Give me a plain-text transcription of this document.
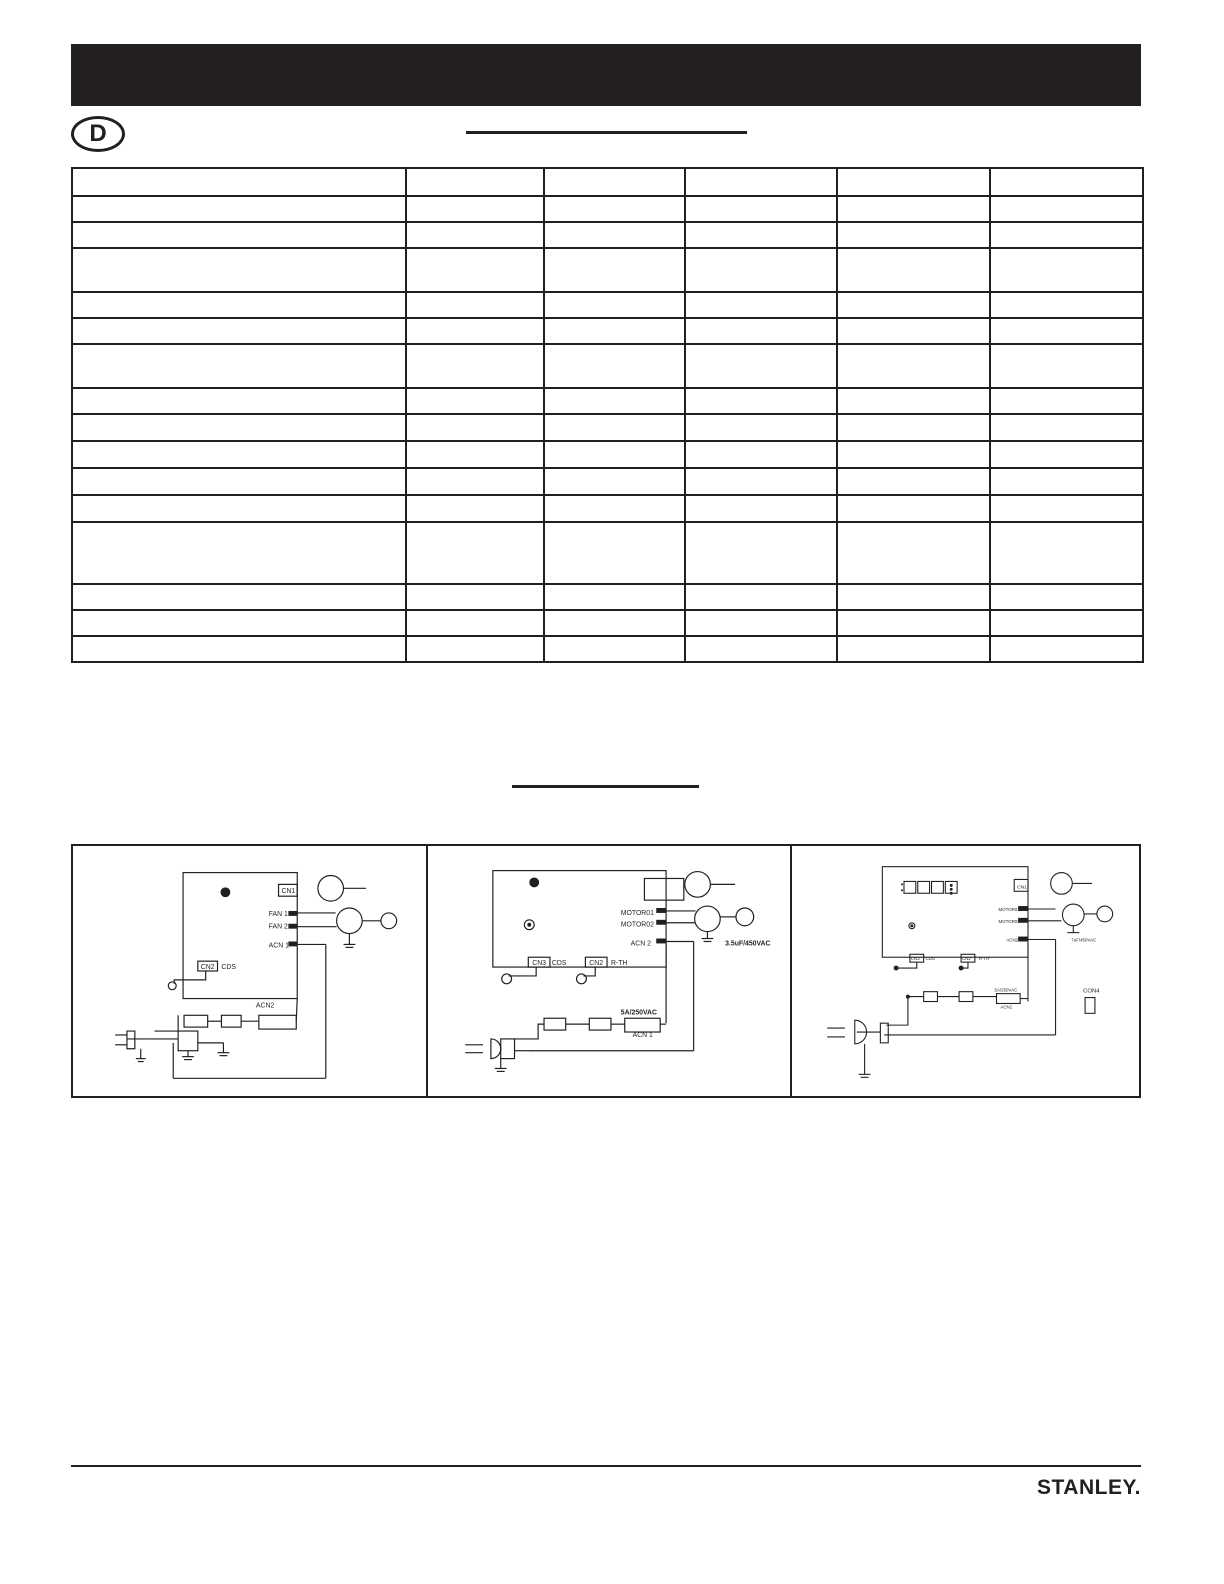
D

CN1
FAN 1
FAN 2
ACN 1
CN2 CDS
ACN2
MOTOR01
MOTOR02
ACN 2	3.5uF/450VAC
CN3 CDS	CN2 R-TH
5A/250VAC
ACN 1
CN1
MOTOR01
MOTOR02
ACN2	7uF/450VAC
CN3 CDS	CN2 R-TH
5A/250VAC
ACN1
CON4
STANLEY.
